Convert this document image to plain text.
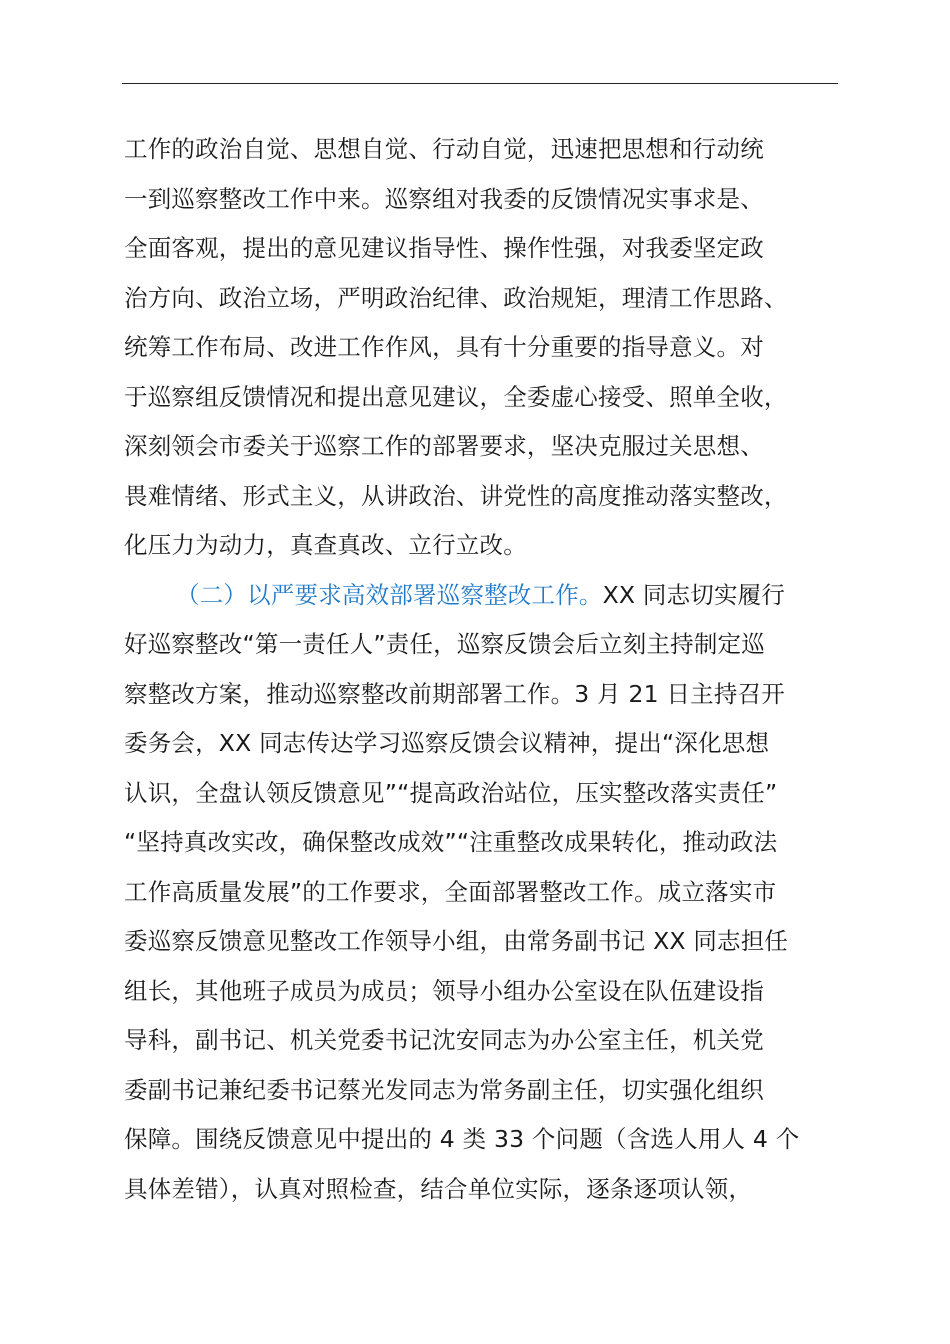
工作的政治自觉、思想自觉、行动自觉，迅速把思想和行动统
一到巡察整改工作中来。巡察组对我委的反馈情况实事求是、
全面客观，提出的意见建议指导性、操作性强，对我委坚定政
治方向、政治立场，严明政治纪律、政治规矩，理清工作思路、
统筹工作布局、改进工作作风，具有十分重要的指导意义。对
于巡察组反馈情况和提出意见建议，全委虚心接受、照单全收，
深刻领会市委关于巡察工作的部署要求，坚决克服过关思想、
畏难情绪、形式主义，从讲政治、讲党性的高度推动落实整改，
化压力为动力，真查真改、立行立改。
（二）以严要求高效部署巡察整改工作。XX 同志切实履行
好巡察整改“第一责任人”责任，巡察反馈会后立刻主持制定巡
察整改方案，推动巡察整改前期部署工作。3 月 21 日主持召开
委务会，XX 同志传达学习巡察反馈会议精神，提出“深化思想
认识，全盘认领反馈意见”“提高政治站位，压实整改落实责任”
“坚持真改实改，确保整改成效”“注重整改成果转化，推动政法
工作高质量发展”的工作要求，全面部署整改工作。成立落实市
委巡察反馈意见整改工作领导小组，由常务副书记 XX 同志担任
组长，其他班子成员为成员；领导小组办公室设在队伍建设指
导科，副书记、机关党委书记沈安同志为办公室主任，机关党
委副书记兼纪委书记蔡光发同志为常务副主任，切实强化组织
保障。围绕反馈意见中提出的 4 类 33 个问题（含选人用人 4 个
具体差错），认真对照检查，结合单位实际，逐条逐项认领，
